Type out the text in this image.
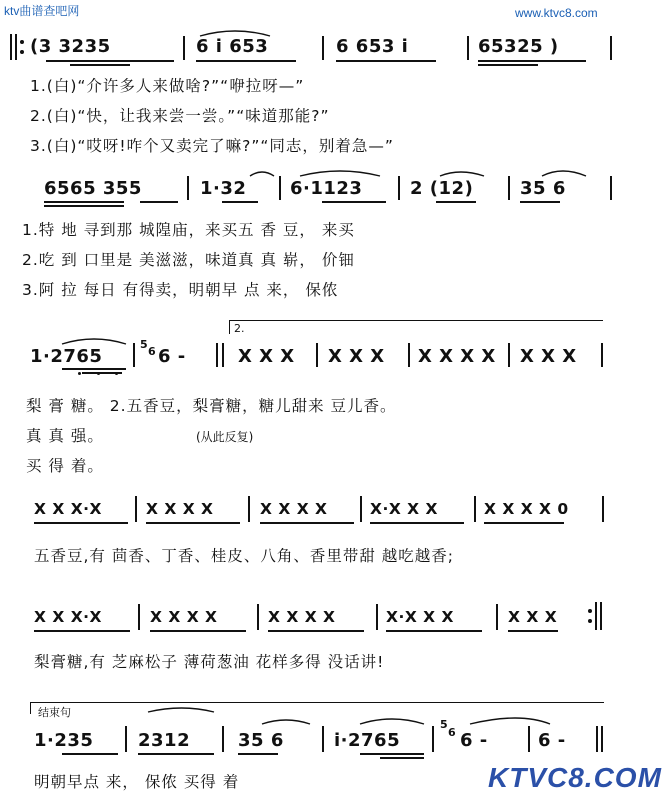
ktv曲谱查吧网	www.ktvc8.com
(3 3235	6 i 653	6 653 i	65325 )
1.(白)“介许多人来做啥?”“咿拉呀—”
2.(白)“快，让我来尝一尝。”“味道那能?”
3.(白)“哎呀!咋个又卖完了嘛?”“同志，别着急—”
6565 355	1·32 6·1123	2 (12)	35 6
1.特 地 寻到那 城隍庙，来买五 香 豆， 来买
2.吃 到 口里是 美滋滋，味道真 真 崭， 价钿
3.阿 拉 每日 有得卖，明朝早 点 来， 保侬
1·2765
5
6 6 -
2.
X X X X X X X X X X X X X
梨 膏 糖。 2.五香豆，梨膏糖，糖儿甜来 豆儿香。
真 真 强。	(从此反复)
买 得 着。
X X X·X	X X X X	X X X X	X·X X X	X X X X 0
五香豆,有 茴香、丁香、桂皮、八角、香里带甜 越吃越香;
X X X·X	X X X X	X X X X	X·X X X	X X X
梨膏糖,有 芝麻松子 薄荷葱油 花样多得 没话讲!
结束句
1·235 2312	35 6	i·2765
5
6 6 -	6 -
明朝早点 来， 保侬 买得 着	KTVC8.COM
